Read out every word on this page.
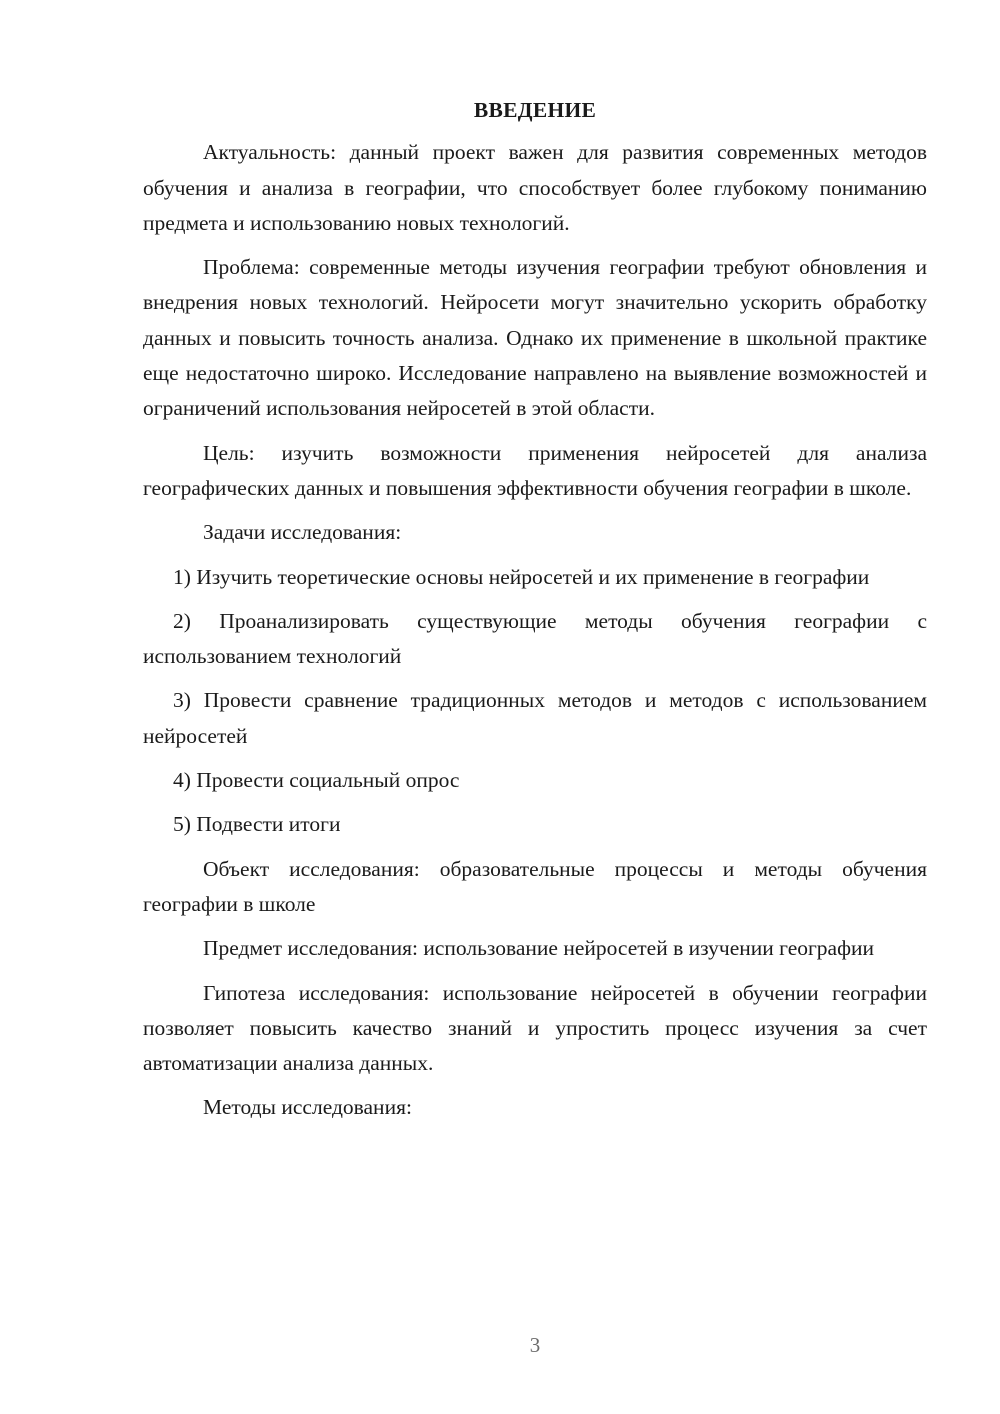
ВВЕДЕНИЕ

Актуальность: данный проект важен для развития современных методов обучения и анализа в географии, что способствует более глубокому пониманию предмета и использованию новых технологий.

Проблема: современные методы изучения географии требуют обновления и внедрения новых технологий. Нейросети могут значительно ускорить обработку данных и повысить точность анализа. Однако их применение в школьной практике еще недостаточно широко. Исследование направлено на выявление возможностей и ограничений использования нейросетей в этой области.

Цель: изучить возможности применения нейросетей для анализа географических данных и повышения эффективности обучения географии в школе.

Задачи исследования:

1) Изучить теоретические основы нейросетей и их применение в географии

2) Проанализировать существующие методы обучения географии с использованием технологий

3) Провести сравнение традиционных методов и методов с использованием нейросетей

4) Провести социальный опрос

5) Подвести итоги

Объект исследования: образовательные процессы и методы обучения географии в школе

Предмет исследования: использование нейросетей в изучении географии

Гипотеза исследования: использование нейросетей в обучении географии позволяет повысить качество знаний и упростить процесс изучения за счет автоматизации анализа данных.

Методы исследования:

3
